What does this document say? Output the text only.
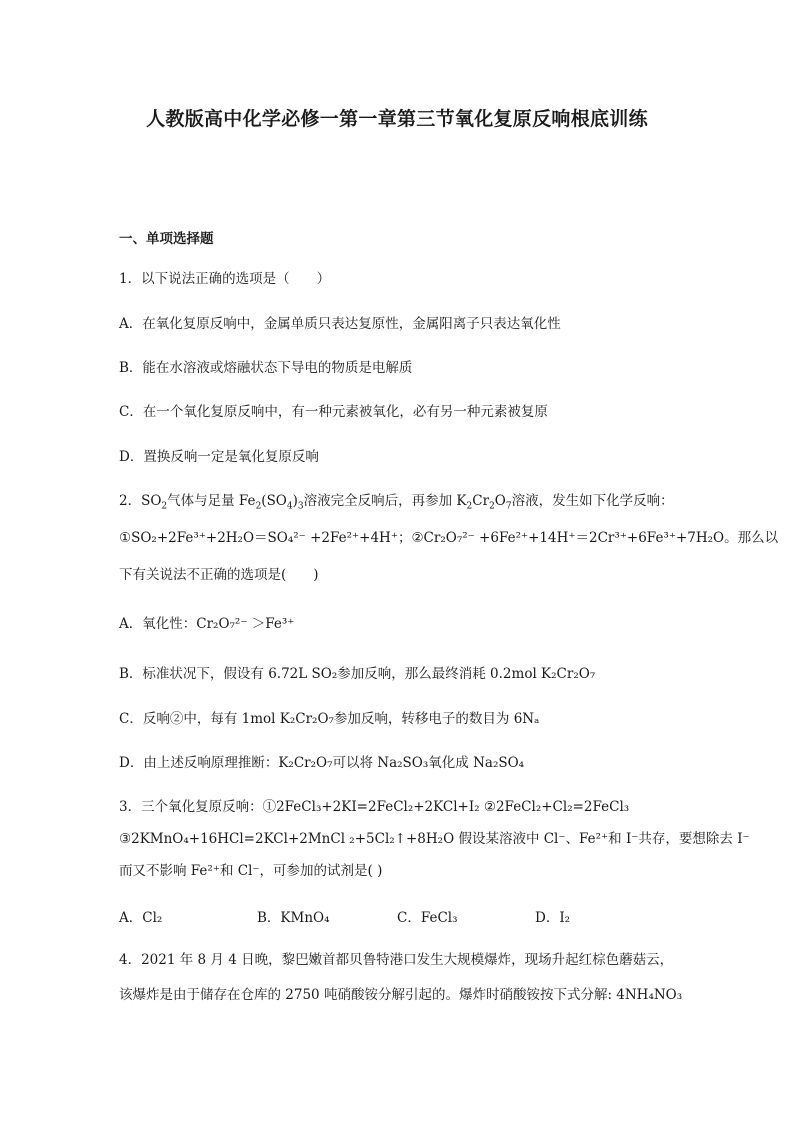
人教版高中化学必修一第一章第三节氧化复原反响根底训练
一、单项选择题
1．以下说法正确的选项是（　　）
A．在氧化复原反响中，金属单质只表达复原性，金属阳离子只表达氧化性
B．能在水溶液或熔融状态下导电的物质是电解质
C．在一个氧化复原反响中，有一种元素被氧化，必有另一种元素被复原
D．置换反响一定是氧化复原反响
2．$SO_2$气体与足量 $Fe_2(SO_4)_3$溶液完全反响后，再参加 $K_2Cr_2O_7$溶液，发生如下化学反响：
①SO₂+2Fe³⁺+2H₂O＝SO₄²⁻ +2Fe²⁺+4H⁺；②Cr₂O₇²⁻ +6Fe²⁺+14H⁺＝2Cr³⁺+6Fe³⁺+7H₂O。那么以
下有关说法不正确的选项是(　　)
A．氧化性：Cr₂O₇²⁻ ＞Fe³⁺
B．标准状况下，假设有 6.72L SO₂参加反响，那么最终消耗 0.2mol K₂Cr₂O₇
C．反响②中，每有 1mol K₂Cr₂O₇参加反响，转移电子的数目为 6Nₐ
D．由上述反响原理推断：K₂Cr₂O₇可以将 Na₂SO₃氧化成 Na₂SO₄
3．三个氧化复原反响：①2FeCl₃+2KI=2FeCl₂+2KCl+I₂ ②2FeCl₂+Cl₂=2FeCl₃
③2KMnO₄+16HCl=2KCl+2MnCl ₂+5Cl₂↑+8H₂O 假设某溶液中 Cl⁻、Fe²⁺和 I⁻共存，要想除去 I⁻
而又不影响 Fe²⁺和 Cl⁻，可参加的试剂是( )
A．Cl₂	B．KMnO₄	C．FeCl₃	D．I₂
4．2021 年 8 月 4 日晚，黎巴嫩首都贝鲁特港口发生大规模爆炸，现场升起红棕色蘑菇云，
该爆炸是由于储存在仓库的 2750 吨硝酸铵分解引起的。爆炸时硝酸铵按下式分解: 4NH₄NO₃
